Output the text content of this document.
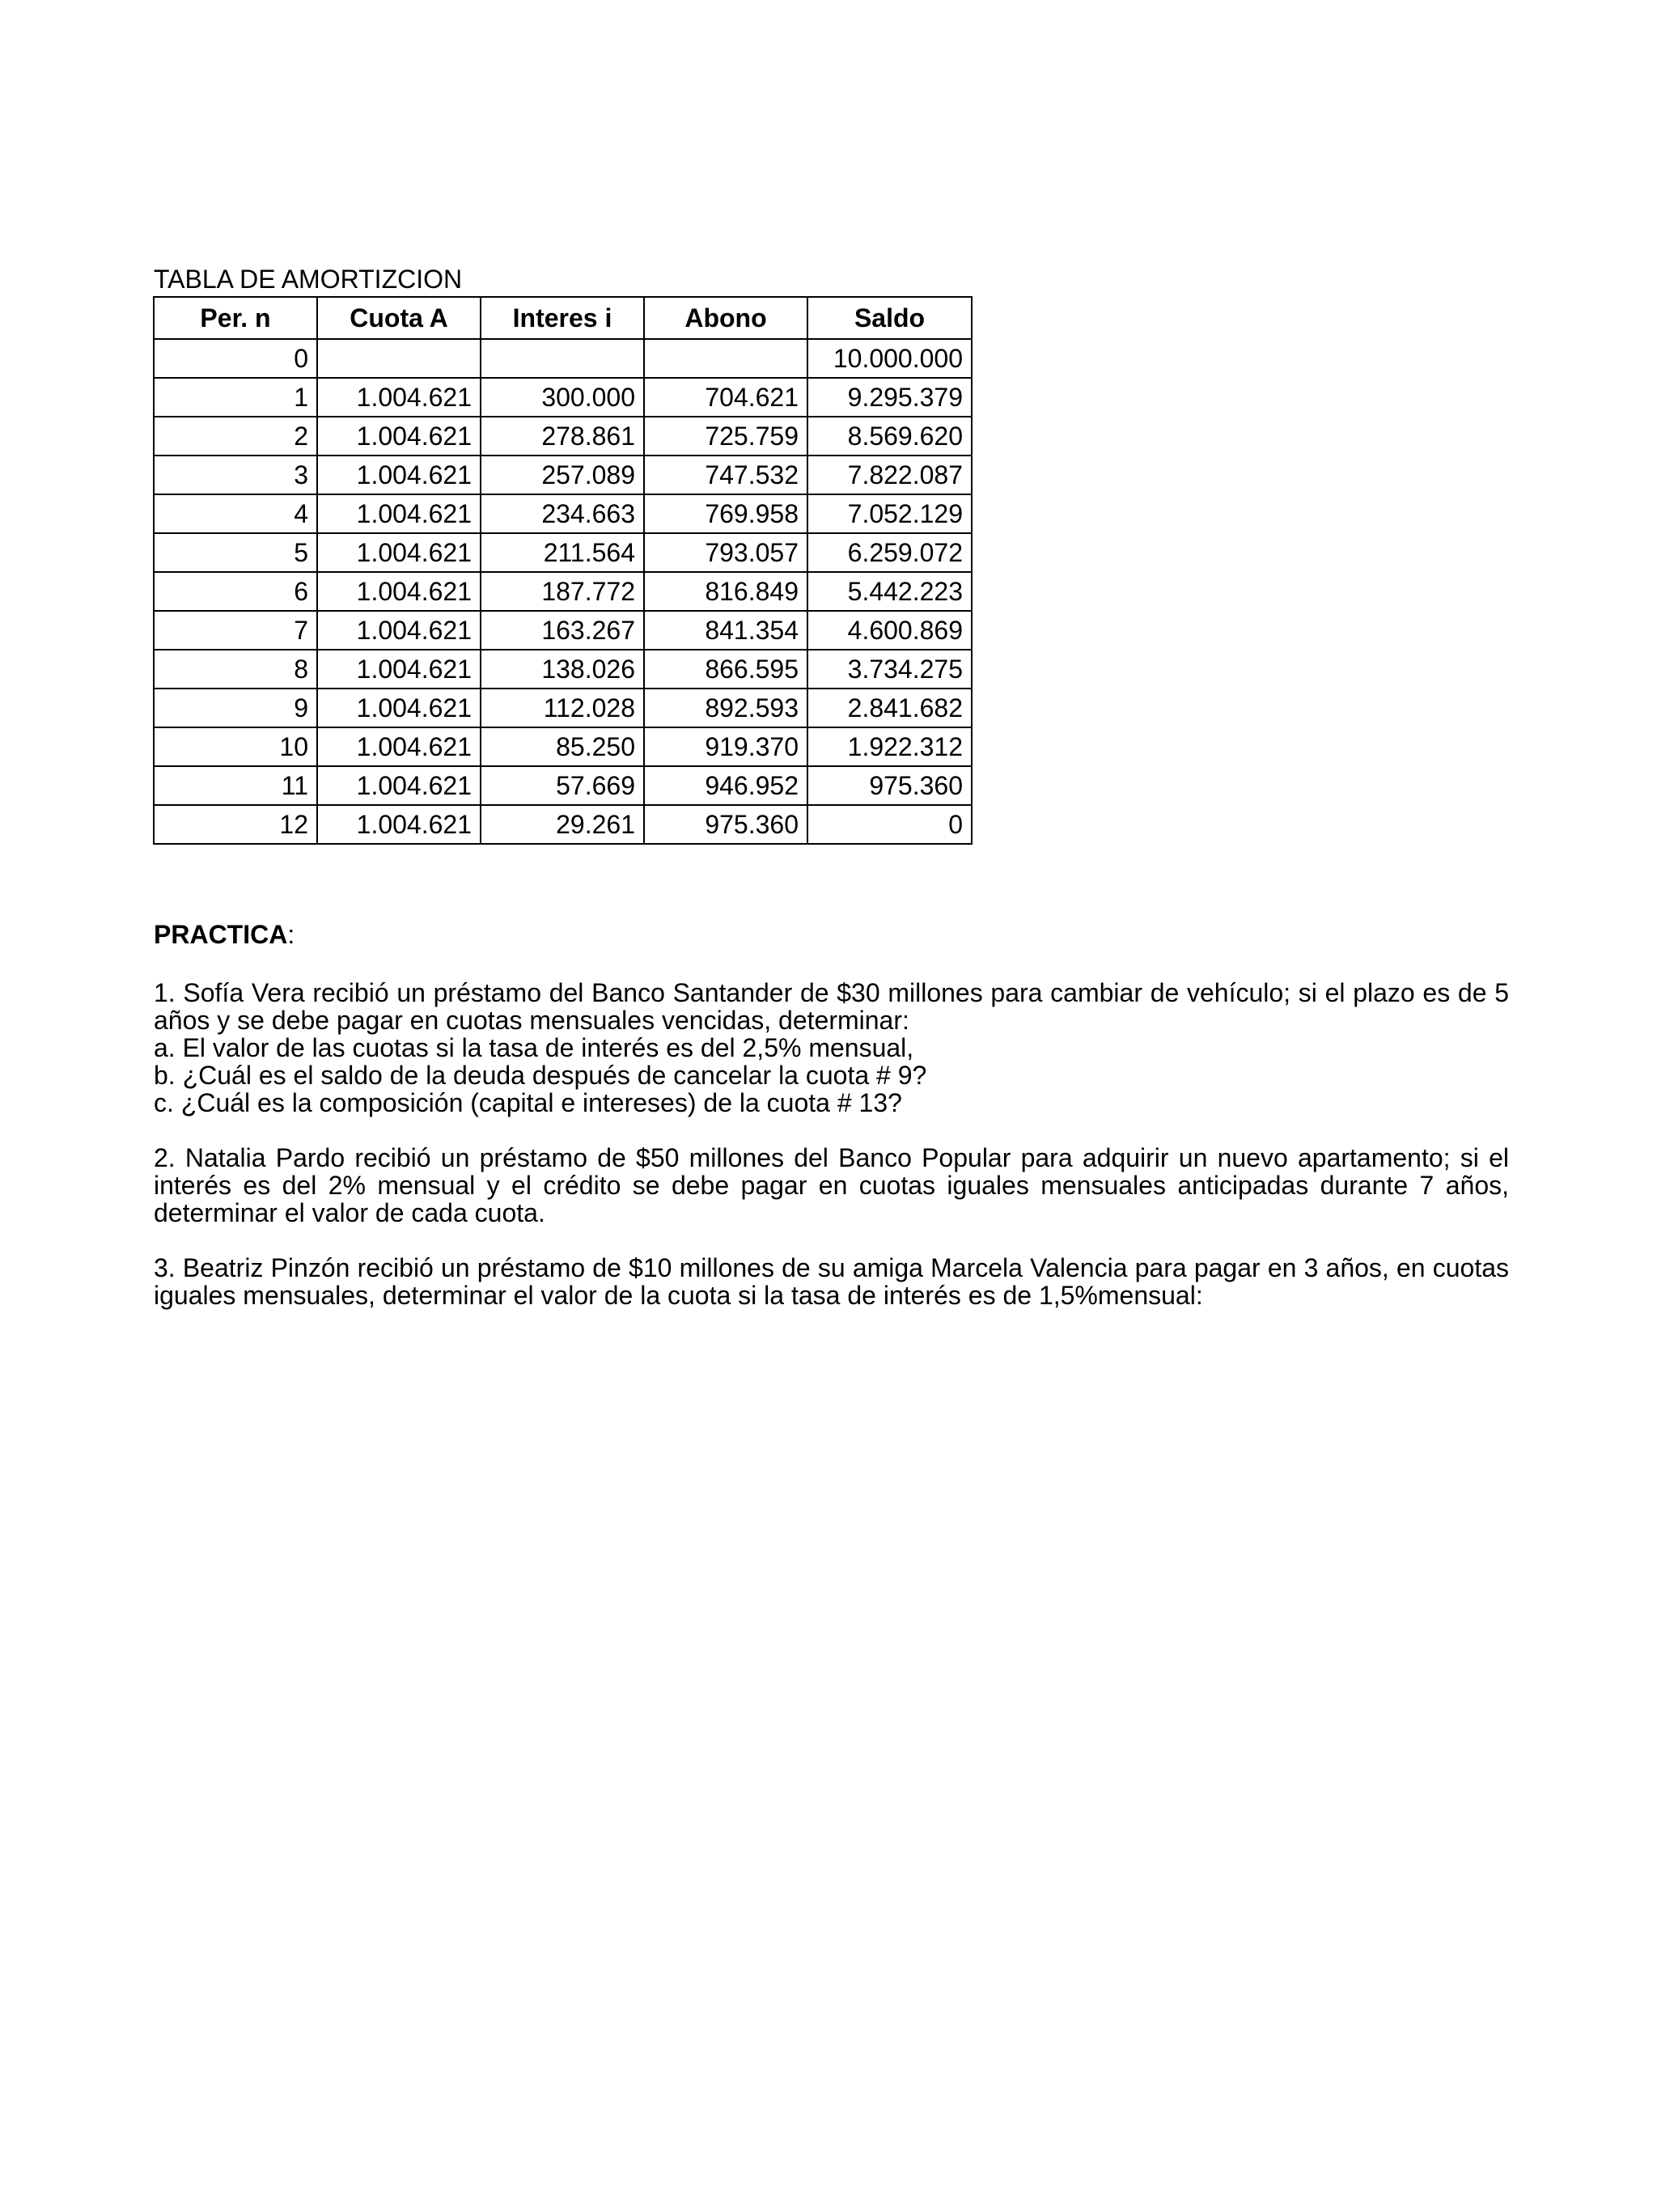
TABLA DE AMORTIZCION
Per. n	Cuota A	Interes i	Abono	Saldo
0				10.000.000
1	1.004.621	300.000	704.621	9.295.379
2	1.004.621	278.861	725.759	8.569.620
3	1.004.621	257.089	747.532	7.822.087
4	1.004.621	234.663	769.958	7.052.129
5	1.004.621	211.564	793.057	6.259.072
6	1.004.621	187.772	816.849	5.442.223
7	1.004.621	163.267	841.354	4.600.869
8	1.004.621	138.026	866.595	3.734.275
9	1.004.621	112.028	892.593	2.841.682
10	1.004.621	85.250	919.370	1.922.312
11	1.004.621	57.669	946.952	975.360
12	1.004.621	29.261	975.360	0
PRACTICA:

1. Sofía Vera recibió un préstamo del Banco Santander de $30 millones para cambiar de vehículo; si el plazo es de 5 años y se debe pagar en cuotas mensuales vencidas, determinar:

a. El valor de las cuotas si la tasa de interés es del 2,5% mensual,

b. ¿Cuál es el saldo de la deuda después de cancelar la cuota # 9?

c. ¿Cuál es la composición (capital e intereses) de la cuota # 13?

2. Natalia Pardo recibió un préstamo de $50 millones del Banco Popular para adquirir un nuevo apartamento; si el interés es del 2% mensual y el crédito se debe pagar en cuotas iguales mensuales anticipadas durante 7 años, determinar el valor de cada cuota.

3. Beatriz Pinzón recibió un préstamo de $10 millones de su amiga Marcela Valencia para pagar en 3 años, en cuotas iguales mensuales, determinar el valor de la cuota si la tasa de interés es de 1,5%mensual:
